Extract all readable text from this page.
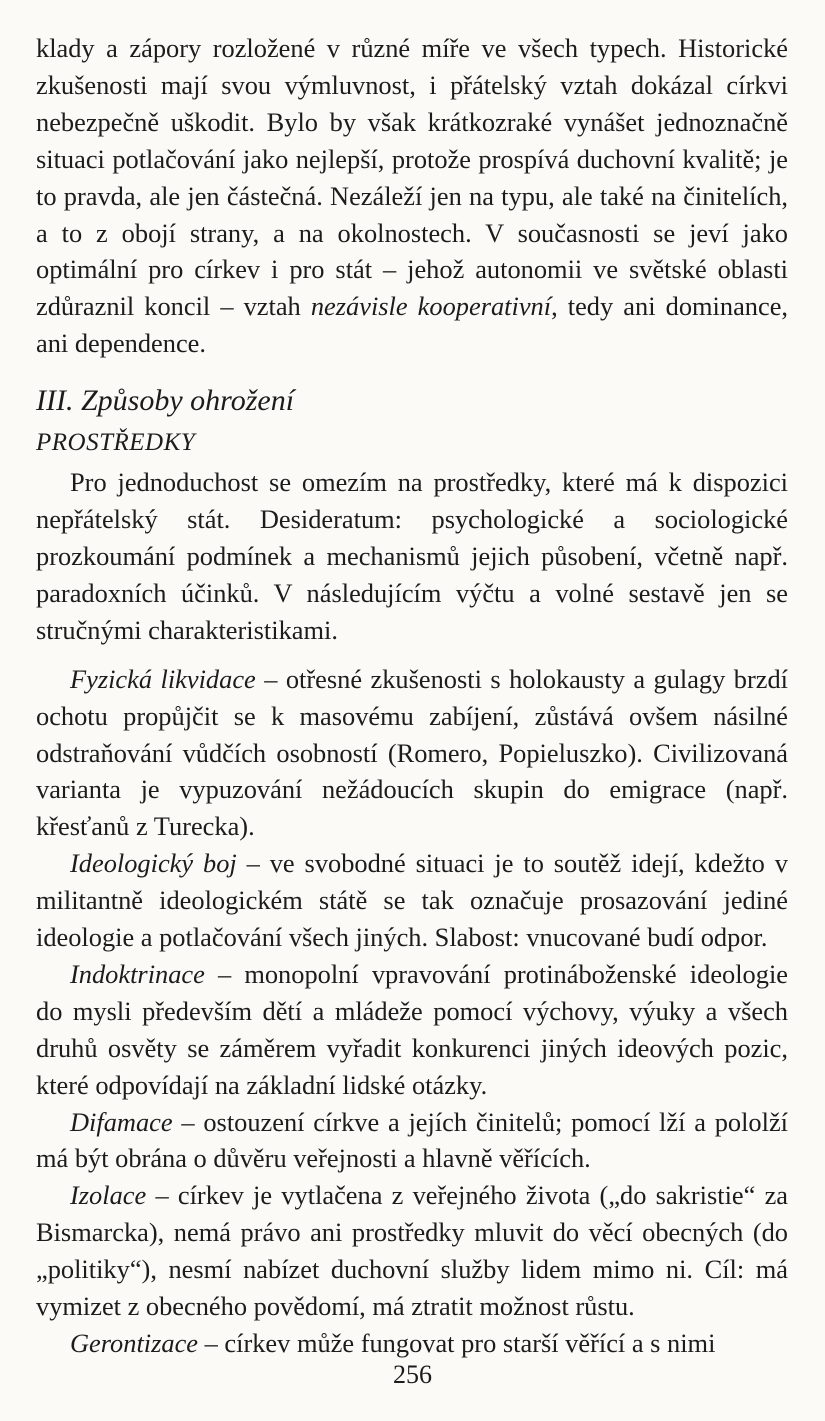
klady a zápory rozložené v různé míře ve všech typech. Historické zkušenosti mají svou výmluvnost, i přátelský vztah dokázal církvi nebezpečně uškodit. Bylo by však krátkozraké vynášet jednoznačně situaci potlačování jako nejlepší, protože prospívá duchovní kvalitě; je to pravda, ale jen částečná. Nezáleží jen na typu, ale také na činitelích, a to z obojí strany, a na okolnostech. V současnosti se jeví jako optimální pro církev i pro stát – jehož autonomii ve světské oblasti zdůraznil koncil – vztah nezávisle kooperativní, tedy ani dominance, ani dependence.

III. Způsoby ohrožení
PROSTŘEDKY

Pro jednoduchost se omezím na prostředky, které má k dispozici nepřátelský stát. Desideratum: psychologické a sociologické prozkoumání podmínek a mechanismů jejich působení, včetně např. paradoxních účinků. V následujícím výčtu a volné sestavě jen se stručnými charakteristikami.

Fyzická likvidace – otřesné zkušenosti s holokausty a gulagy brzdí ochotu propůjčit se k masovému zabíjení, zůstává ovšem násilné odstraňování vůdčích osobností (Romero, Popieluszko). Civilizovaná varianta je vypuzování nežádoucích skupin do emigrace (např. křesťanů z Turecka).

Ideologický boj – ve svobodné situaci je to soutěž idejí, kdežto v militantně ideologickém státě se tak označuje prosazování jediné ideologie a potlačování všech jiných. Slabost: vnucované budí odpor.

Indoktrinace – monopolní vpravování protináboženské ideologie do mysli především dětí a mládeže pomocí výchovy, výuky a všech druhů osvěty se záměrem vyřadit konkurenci jiných ideových pozic, které odpovídají na základní lidské otázky.

Difamace – ostouzení církve a jejích činitelů; pomocí lží a pololží má být obrána o důvěru veřejnosti a hlavně věřících.

Izolace – církev je vytlačena z veřejného života („do sakristie“ za Bismarcka), nemá právo ani prostředky mluvit do věcí obecných (do „politiky“), nesmí nabízet duchovní služby lidem mimo ni. Cíl: má vymizet z obecného povědomí, má ztratit možnost růstu.

Gerontizace – církev může fungovat pro starší věřící a s nimi

256
